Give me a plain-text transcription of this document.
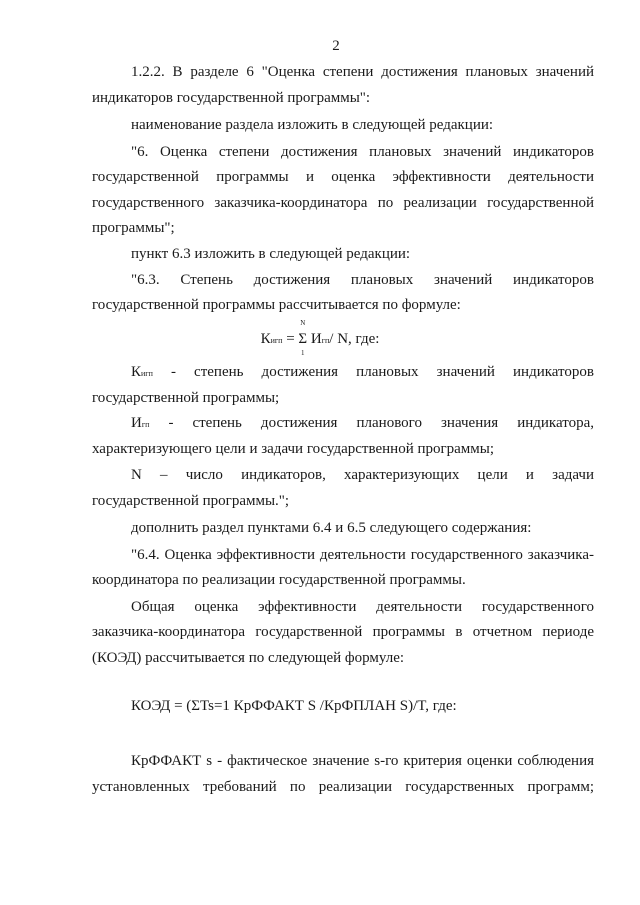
2
1.2.2. В разделе 6 "Оценка степени достижения плановых значений
индикаторов государственной программы":
наименование раздела изложить в следующей редакции:
"6. Оценка степени достижения плановых значений индикаторов
государственной программы и оценка эффективности деятельности
государственного заказчика-координатора по реализации государственной
программы";
пункт 6.3 изложить в следующей редакции:
"6.3. Степень достижения плановых значений индикаторов
государственной программы рассчитывается по формуле:
Кигп =
N
Σ
1
Игп/ N, где:
Кигп - степень достижения плановых значений индикаторов
государственной программы;
Игп - степень достижения планового значения индикатора,
характеризующего цели и задачи государственной программы;
N – число индикаторов, характеризующих цели и задачи
государственной программы.";
дополнить раздел пунктами 6.4 и 6.5 следующего содержания:
"6.4. Оценка эффективности деятельности государственного заказчика-
координатора по реализации государственной программы.
Общая оценка эффективности деятельности государственного
заказчика-координатора государственной программы в отчетном периоде
(КОЭД) рассчитывается по следующей формуле:
КОЭД = (ΣTs=1 КрФФАКТ S /КрФПЛАН S)/T, где:
КрФФАКТ s - фактическое значение s-го критерия оценки соблюдения
установленных требований по реализации государственных программ;
